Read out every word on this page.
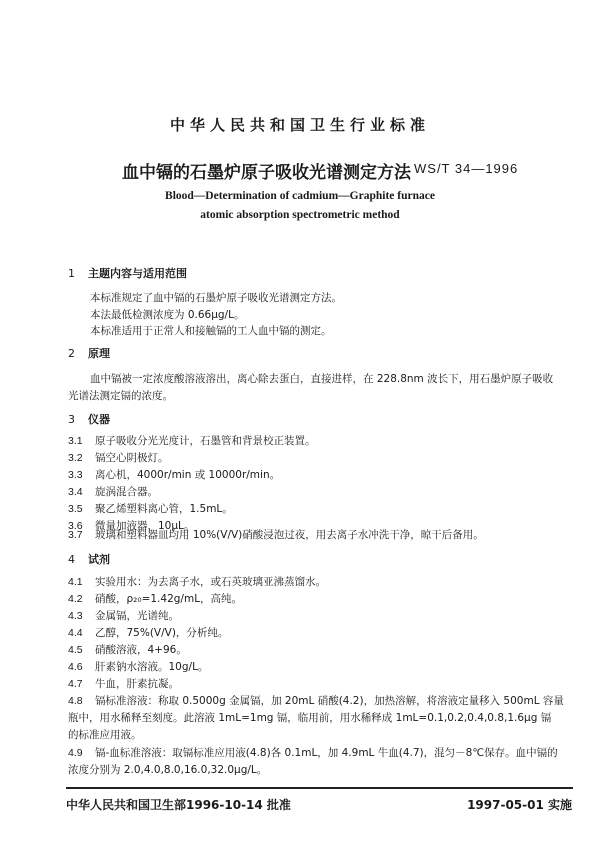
中华人民共和国卫生行业标准
血中镉的石墨炉原子吸收光谱测定方法 WS/T 34—1996
Blood—Determination of cadmium—Graphite furnace
atomic absorption spectrometric method
1 主题内容与适用范围
本标准规定了血中镉的石墨炉原子吸收光谱测定方法。
本法最低检测浓度为 0.66μg/L。
本标准适用于正常人和接触镉的工人血中镉的测定。
2 原理
血中镉被一定浓度酸溶液溶出，离心除去蛋白，直接进样，在 228.8nm 波长下，用石墨炉原子吸收
光谱法测定镉的浓度。
3 仪器
3.1 原子吸收分光光度计，石墨管和背景校正装置。
3.2 镉空心阴极灯。
3.3 离心机，4000r/min 或 10000r/min。
3.4 旋涡混合器。
3.5 聚乙烯塑料离心管，1.5mL。
3.6 微量加液器，10μL。
3.7 玻璃和塑料器皿均用 10%(V/V)硝酸浸泡过夜，用去离子水冲洗干净，晾干后备用。
4 试剂
4.1 实验用水：为去离子水，或石英玻璃亚沸蒸馏水。
4.2 硝酸，ρ₂₀=1.42g/mL，高纯。
4.3 金属镉，光谱纯。
4.4 乙醇，75%(V/V)，分析纯。
4.5 硝酸溶液，4+96。
4.6 肝素钠水溶液。10g/L。
4.7 牛血，肝素抗凝。
4.8 镉标准溶液：称取 0.5000g 金属镉，加 20mL 硝酸(4.2)，加热溶解，将溶液定量移入 500mL 容量
瓶中，用水稀释至刻度。此溶液 1mL=1mg 镉，临用前，用水稀释成 1mL=0.1,0.2,0.4,0.8,1.6μg 镉
的标准应用液。
4.9 镉-血标准溶液：取镉标准应用液(4.8)各 0.1mL，加 4.9mL 牛血(4.7)，混匀－8℃保存。血中镉的
浓度分别为 2.0,4.0,8.0,16.0,32.0μg/L。
中华人民共和国卫生部1996-10-14 批准	1997-05-01 实施
